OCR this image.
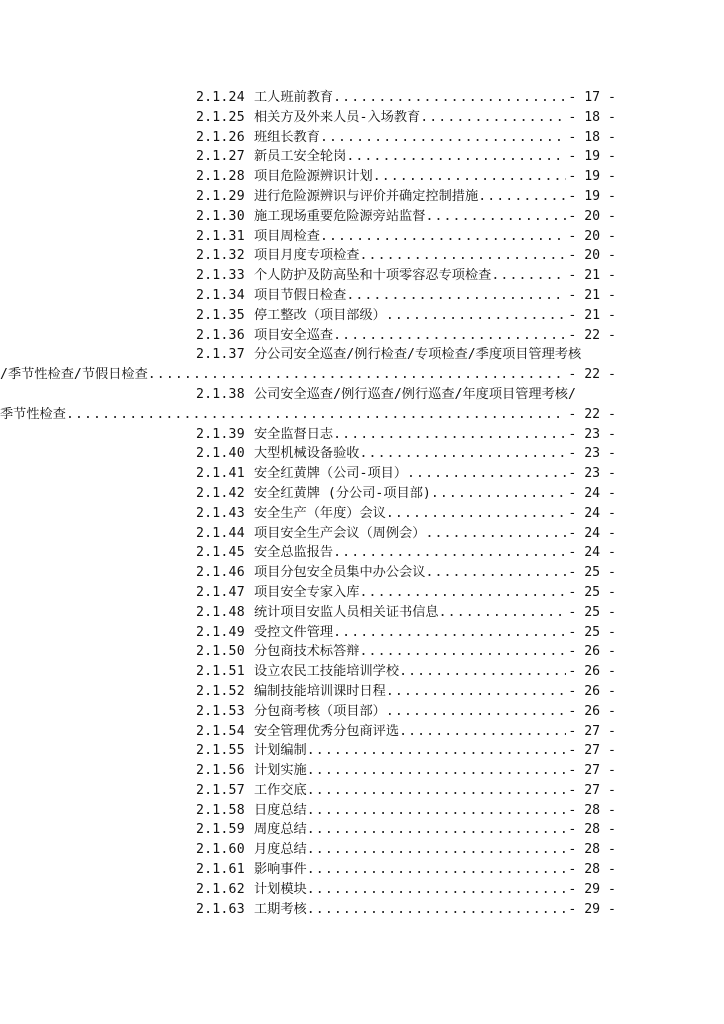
2.1.24 工人班前教育 .....	- 17 -
2.1.25 相关方及外来人员-入场教育 .....	- 18 -
2.1.26 班组长教育 .....	- 18 -
2.1.27 新员工安全轮岗 .....	- 19 -
2.1.28 项目危险源辨识计划 .....	- 19 -
2.1.29 进行危险源辨识与评价并确定控制措施 .....	- 19 -
2.1.30 施工现场重要危险源旁站监督 .....	- 20 -
2.1.31 项目周检查 .....	- 20 -
2.1.32 项目月度专项检查 .....	- 20 -
2.1.33 个人防护及防高坠和十项零容忍专项检查 .....	- 21 -
2.1.34 项目节假日检查 .....	- 21 -
2.1.35 停工整改（项目部级） .....	- 21 -
2.1.36 项目安全巡查 .....	- 22 -
2.1.37 分公司安全巡查/例行检查/专项检查/季度项目管理考核
/季节性检查/节假日检查 .....	- 22 -
2.1.38 公司安全巡查/例行巡查/例行巡查/年度项目管理考核/
季节性检查 .....	- 22 -
2.1.39 安全监督日志 .....	- 23 -
2.1.40 大型机械设备验收 .....	- 23 -
2.1.41 安全红黄牌（公司-项目） .....	- 23 -
2.1.42 安全红黄牌 (分公司-项目部) .....	- 24 -
2.1.43 安全生产（年度）会议 .....	- 24 -
2.1.44 项目安全生产会议（周例会） .....	- 24 -
2.1.45 安全总监报告 .....	- 24 -
2.1.46 项目分包安全员集中办公会议 .....	- 25 -
2.1.47 项目安全专家入库 .....	- 25 -
2.1.48 统计项目安监人员相关证书信息 .....	- 25 -
2.1.49 受控文件管理 .....	- 25 -
2.1.50 分包商技术标答辩 .....	- 26 -
2.1.51 设立农民工技能培训学校 .....	- 26 -
2.1.52 编制技能培训课时日程 .....	- 26 -
2.1.53 分包商考核（项目部） .....	- 26 -
2.1.54 安全管理优秀分包商评选 .....	- 27 -
2.1.55 计划编制 .....	- 27 -
2.1.56 计划实施 .....	- 27 -
2.1.57 工作交底 .....	- 27 -
2.1.58 日度总结 .....	- 28 -
2.1.59 周度总结 .....	- 28 -
2.1.60 月度总结 .....	- 28 -
2.1.61 影响事件 .....	- 28 -
2.1.62 计划模块 .....	- 29 -
2.1.63 工期考核 .....	- 29 -
